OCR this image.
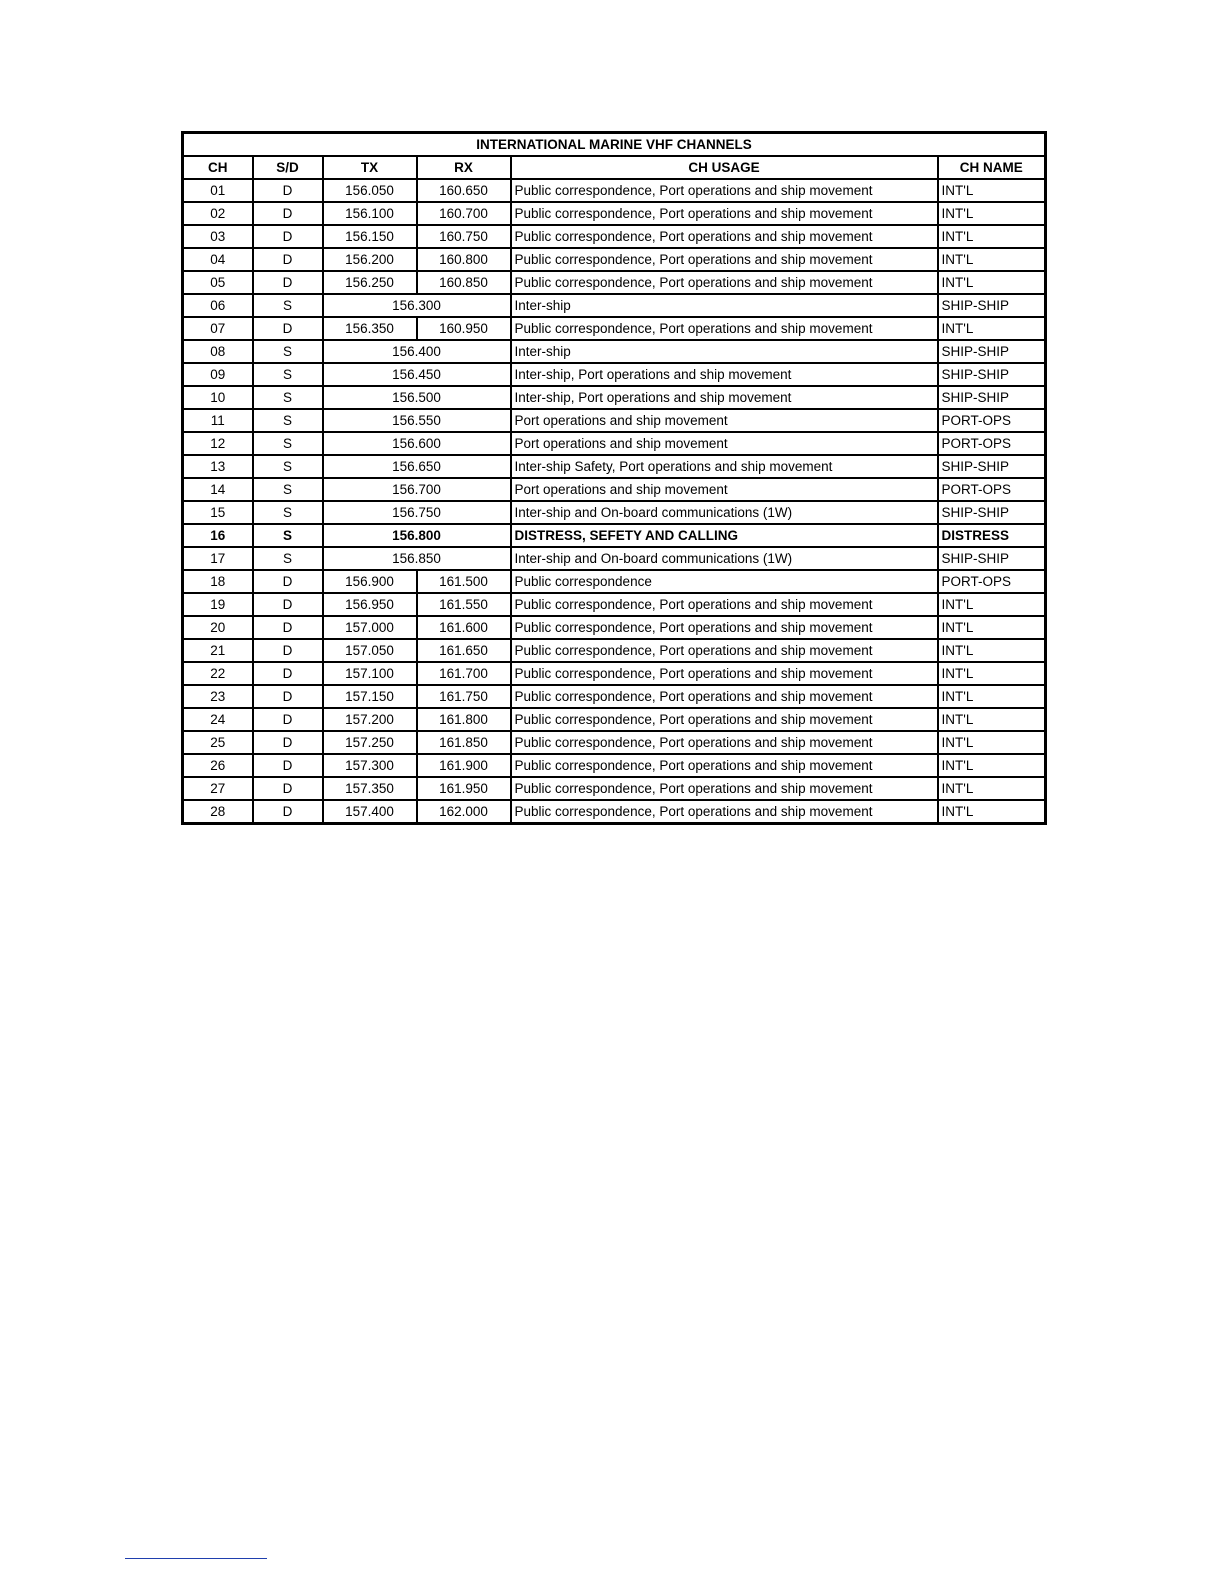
INTERNATIONAL MARINE VHF CHANNELS					
CH	S/D	TX	RX	CH USAGE	CH NAME
01	D	156.050	160.650	Public correspondence, Port operations and ship movement	INT'L
02	D	156.100	160.700	Public correspondence, Port operations and ship movement	INT'L
03	D	156.150	160.750	Public correspondence, Port operations and ship movement	INT'L
04	D	156.200	160.800	Public correspondence, Port operations and ship movement	INT'L
05	D	156.250	160.850	Public correspondence, Port operations and ship movement	INT'L
06	S	156.300		Inter-ship	SHIP-SHIP
07	D	156.350	160.950	Public correspondence, Port operations and ship movement	INT'L
08	S	156.400		Inter-ship	SHIP-SHIP
09	S	156.450		Inter-ship, Port operations and ship movement	SHIP-SHIP
10	S	156.500		Inter-ship, Port operations and ship movement	SHIP-SHIP
11	S	156.550		Port operations and ship movement	PORT-OPS
12	S	156.600		Port operations and ship movement	PORT-OPS
13	S	156.650		Inter-ship Safety, Port operations and ship movement	SHIP-SHIP
14	S	156.700		Port operations and ship movement	PORT-OPS
15	S	156.750		Inter-ship and On-board communications (1W)	SHIP-SHIP
16	S	156.800		DISTRESS, SEFETY AND CALLING	DISTRESS
17	S	156.850		Inter-ship and On-board communications (1W)	SHIP-SHIP
18	D	156.900	161.500	Public correspondence	PORT-OPS
19	D	156.950	161.550	Public correspondence, Port operations and ship movement	INT'L
20	D	157.000	161.600	Public correspondence, Port operations and ship movement	INT'L
21	D	157.050	161.650	Public correspondence, Port operations and ship movement	INT'L
22	D	157.100	161.700	Public correspondence, Port operations and ship movement	INT'L
23	D	157.150	161.750	Public correspondence, Port operations and ship movement	INT'L
24	D	157.200	161.800	Public correspondence, Port operations and ship movement	INT'L
25	D	157.250	161.850	Public correspondence, Port operations and ship movement	INT'L
26	D	157.300	161.900	Public correspondence, Port operations and ship movement	INT'L
27	D	157.350	161.950	Public correspondence, Port operations and ship movement	INT'L
28	D	157.400	162.000	Public correspondence, Port operations and ship movement	INT'L
